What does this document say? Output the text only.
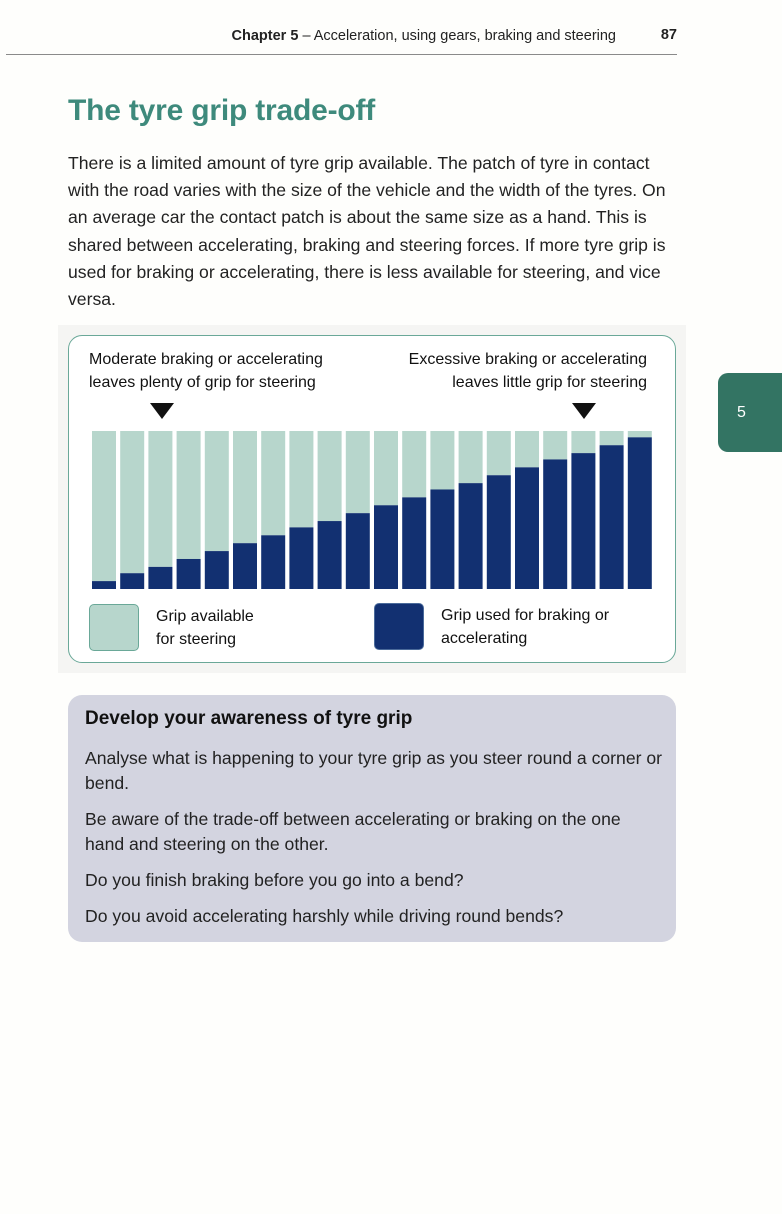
Chapter 5 – Acceleration, using gears, braking and steering	87
The tyre grip trade-off

There is a limited amount of tyre grip available. The patch of tyre in contact with the road varies with the size of the vehicle and the width of the tyres. On an average car the contact patch is about the same size as a hand. This is shared between accelerating, braking and steering forces. If more tyre grip is used for braking or accelerating, there is less available for steering, and vice versa.

5
Moderate braking or accelerating
leaves plenty of grip for steering
Excessive braking or accelerating
leaves little grip for steering
Grip available
for steering
Grip used for braking or
accelerating
Develop your awareness of tyre grip
Analyse what is happening to your tyre grip as you steer round a corner or bend.
Be aware of the trade-off between accelerating or braking on the one hand and steering on the other.
Do you finish braking before you go into a bend?
Do you avoid accelerating harshly while driving round bends?
